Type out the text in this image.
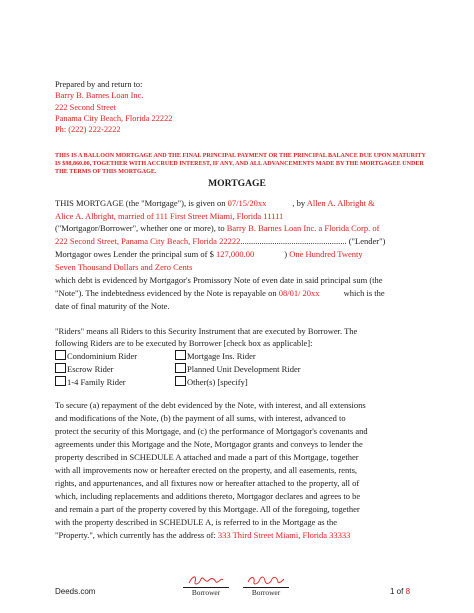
Prepared by and return to:
Barry B. Barnes Loan Inc.
222 Second Street
Panama City Beach, Florida 22222
Ph: (222) 222-2222
THIS IS A BALLOON MORTGAGE AND THE FINAL PRINCIPAL PAYMENT OR THE PRINCIPAL BALANCE DUE UPON MATURITY IS $98,860.00, TOGETHER WITH ACCRUED INTEREST, IF ANY, AND ALL ADVANCEMENTS MADE BY THE MORTGAGEE UNDER THE TERMS OF THIS MORTGAGE.
MORTGAGE
THIS MORTGAGE (the "Mortgage"), is given on 07/15/20xx	, by Allen A. Albright &
Alice A. Albright, married of 111 First Street Miami, Florida 11111
("Mortgagor/Borrower", whether one or more), to Barry B. Barnes Loan Inc. a Florida Corp. of
222 Second Street, Panama City Beach, Florida 22222.................................................. ("Lender")
Mortgagor owes Lender the principal sum of $ 127,000.00	) One Hundred Twenty
Seven Thousand Dollars and Zero Cents
which debt is evidenced by Mortgagor's Promissory Note of even date in said principal sum (the
"Note"). The indebtedness evidenced by the Note is repayable on 08/01/ 20xx	which is the
date of final maturity of the Note.
"Riders" means all Riders to this Security Instrument that are executed by Borrower. The
following Riders are to be executed by Borrower [check box as applicable]:
Condominium Rider	Mortgage Ins. Rider
Escrow Rider	Planned Unit Development Rider
1-4 Family Rider	Other(s) [specify]
To secure (a) repayment of the debt evidenced by the Note, with interest, and all extensions
and modifications of the Note, (b) the payment of all sums, with interest, advanced to
protect the security of this Mortgage, and (c) the performance of Mortgagor's covenants and
agreements under this Mortgage and the Note, Mortgagor grants and conveys to lender the
property described in SCHEDULE A attached and made a part of this Mortgage, together
with all improvements now or hereafter erected on the property, and all easements, rents,
rights, and appurtenances, and all fixtures now or hereafter attached to the property, all of
which, including replacements and additions thereto, Mortgagor declares and agrees to be
and remain a part of the property covered by this Mortgage. All of the foregoing, together
with the property described in SCHEDULE A, is referred to in the Mortgage as the
"Property.", which currently has the address of: 333 Third Street Miami, Florida 33333
Deeds.com	Borrower	Borrower	1 of 8
